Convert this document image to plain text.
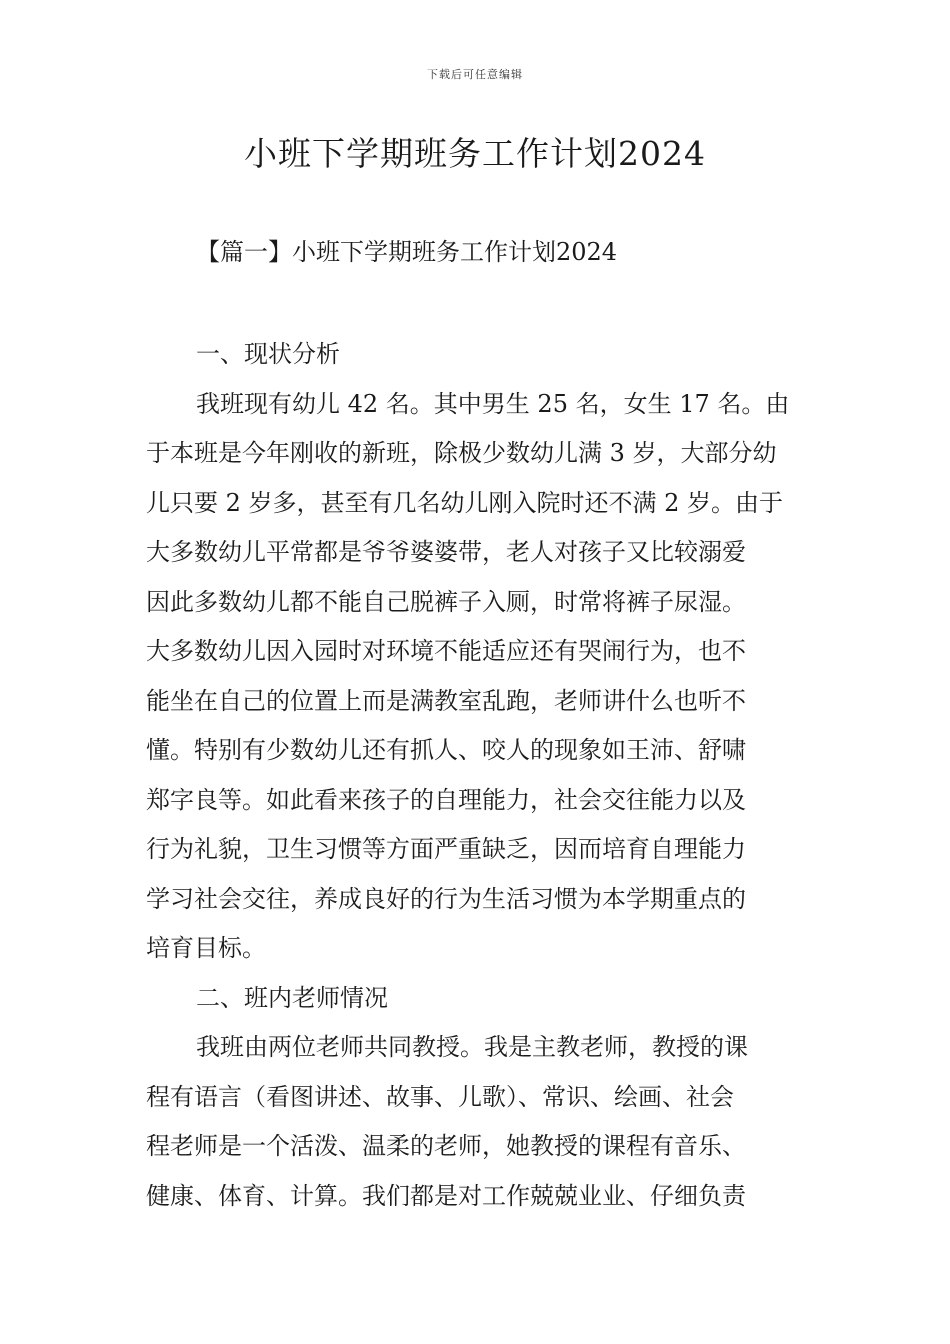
下载后可任意编辑
小班下学期班务工作计划2024
【篇一】小班下学期班务工作计划2024
一、现状分析
我班现有幼儿 42 名。其中男生 25 名，女生 17 名。由
于本班是今年刚收的新班，除极少数幼儿满 3 岁，大部分幼
儿只要 2 岁多，甚至有几名幼儿刚入院时还不满 2 岁。由于
大多数幼儿平常都是爷爷婆婆带，老人对孩子又比较溺爱
因此多数幼儿都不能自己脱裤子入厕，时常将裤子尿湿。
大多数幼儿因入园时对环境不能适应还有哭闹行为，也不
能坐在自己的位置上而是满教室乱跑，老师讲什么也听不
懂。特别有少数幼儿还有抓人、咬人的现象如王沛、舒啸
郑字良等。如此看来孩子的自理能力，社会交往能力以及
行为礼貌，卫生习惯等方面严重缺乏，因而培育自理能力
学习社会交往，养成良好的行为生活习惯为本学期重点的
培育目标。
二、班内老师情况
我班由两位老师共同教授。我是主教老师，教授的课
程有语言（看图讲述、故事、儿歌）、常识、绘画、社会
程老师是一个活泼、温柔的老师，她教授的课程有音乐、
健康、体育、计算。我们都是对工作兢兢业业、仔细负责
